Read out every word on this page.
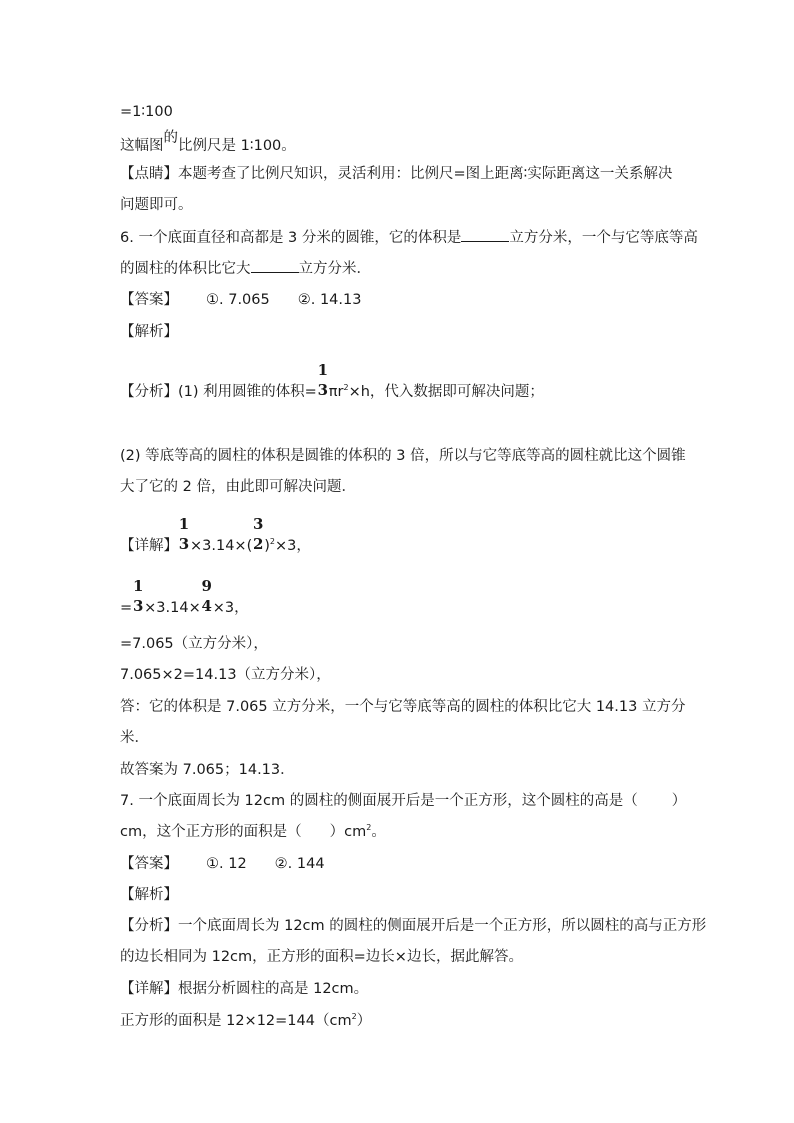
=1∶100
这幅图的比例尺是 1∶100。
【点睛】本题考查了比例尺知识，灵活利用：比例尺=图上距离∶实际距离这一关系解决
问题即可。
6. 一个底面直径和高都是 3 分米的圆锥，它的体积是	立方分米，一个与它等底等高
的圆柱的体积比它大	立方分米．
【答案】 ①. 7.065 ②. 14.13
【解析】
【分析】(1) 利用圆锥的体积=
1
3 $\pi r^2\times h$，代入数据即可解决问题；
(2) 等底等高的圆柱的体积是圆锥的体积的 3 倍，所以与它等底等高的圆柱就比这个圆锥
大了它的 2 倍，由此即可解决问题．
【详解】
1
3 ×3.14×(
3
2 )$^2$×3，
=
1
3 ×3.14×
9
4 ×3，
=7.065（立方分米），
7.065×2=14.13（立方分米），
答：它的体积是 7.065 立方分米，一个与它等底等高的圆柱的体积比它大 14.13 立方分
米．
故答案为 7.065；14.13．
7. 一个底面周长为 12cm 的圆柱的侧面展开后是一个正方形，这个圆柱的高是（ ）
cm，这个正方形的面积是（ ）$cm^2$。
【答案】 ①. 12 ②. 144
【解析】
【分析】一个底面周长为 12cm 的圆柱的侧面展开后是一个正方形，所以圆柱的高与正方形
的边长相同为 12cm，正方形的面积=边长×边长，据此解答。
【详解】根据分析圆柱的高是 12cm。
正方形的面积是 $12\times 12=144(cm^2)$
